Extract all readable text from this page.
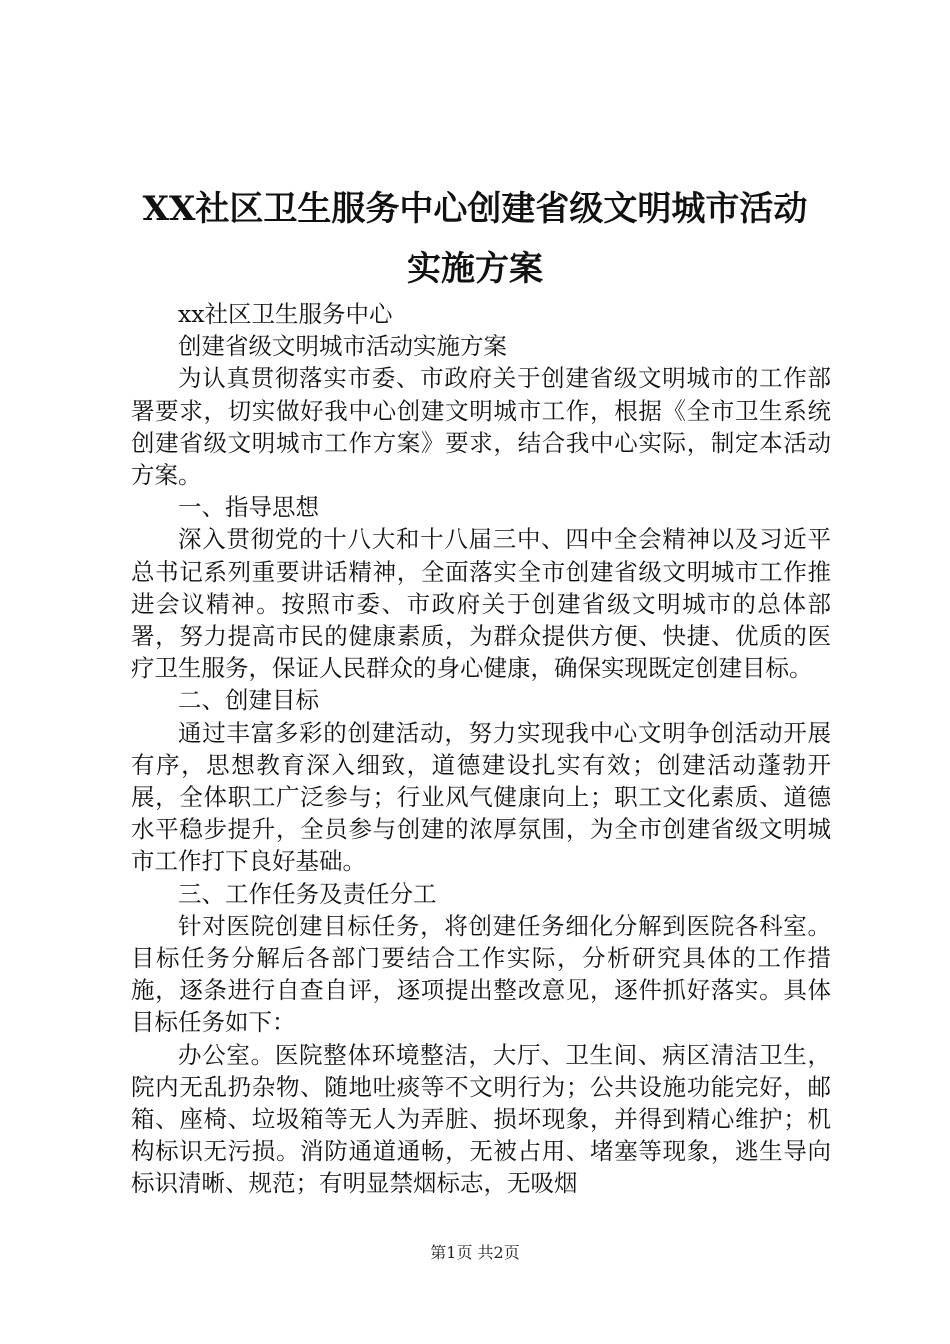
XX社区卫生服务中心创建省级文明城市活动
实施方案

xx社区卫生服务中心

创建省级文明城市活动实施方案

为认真贯彻落实市委、市政府关于创建省级文明城市的工作部署要求，切实做好我中心创建文明城市工作，根据《全市卫生系统创建省级文明城市工作方案》要求，结合我中心实际，制定本活动方案。

一、指导思想

深入贯彻党的十八大和十八届三中、四中全会精神以及习近平总书记系列重要讲话精神，全面落实全市创建省级文明城市工作推进会议精神。按照市委、市政府关于创建省级文明城市的总体部署，努力提高市民的健康素质，为群众提供方便、快捷、优质的医疗卫生服务，保证人民群众的身心健康，确保实现既定创建目标。

二、创建目标

通过丰富多彩的创建活动，努力实现我中心文明争创活动开展有序，思想教育深入细致，道德建设扎实有效；创建活动蓬勃开展，全体职工广泛参与；行业风气健康向上；职工文化素质、道德水平稳步提升，全员参与创建的浓厚氛围，为全市创建省级文明城市工作打下良好基础。

三、工作任务及责任分工

针对医院创建目标任务，将创建任务细化分解到医院各科室。目标任务分解后各部门要结合工作实际，分析研究具体的工作措施，逐条进行自查自评，逐项提出整改意见，逐件抓好落实。具体目标任务如下：

办公室。医院整体环境整洁，大厅、卫生间、病区清洁卫生，院内无乱扔杂物、随地吐痰等不文明行为；公共设施功能完好，邮箱、座椅、垃圾箱等无人为弄脏、损坏现象，并得到精心维护；机构标识无污损。消防通道通畅，无被占用、堵塞等现象，逃生导向标识清晰、规范；有明显禁烟标志，无吸烟

第1页 共2页
